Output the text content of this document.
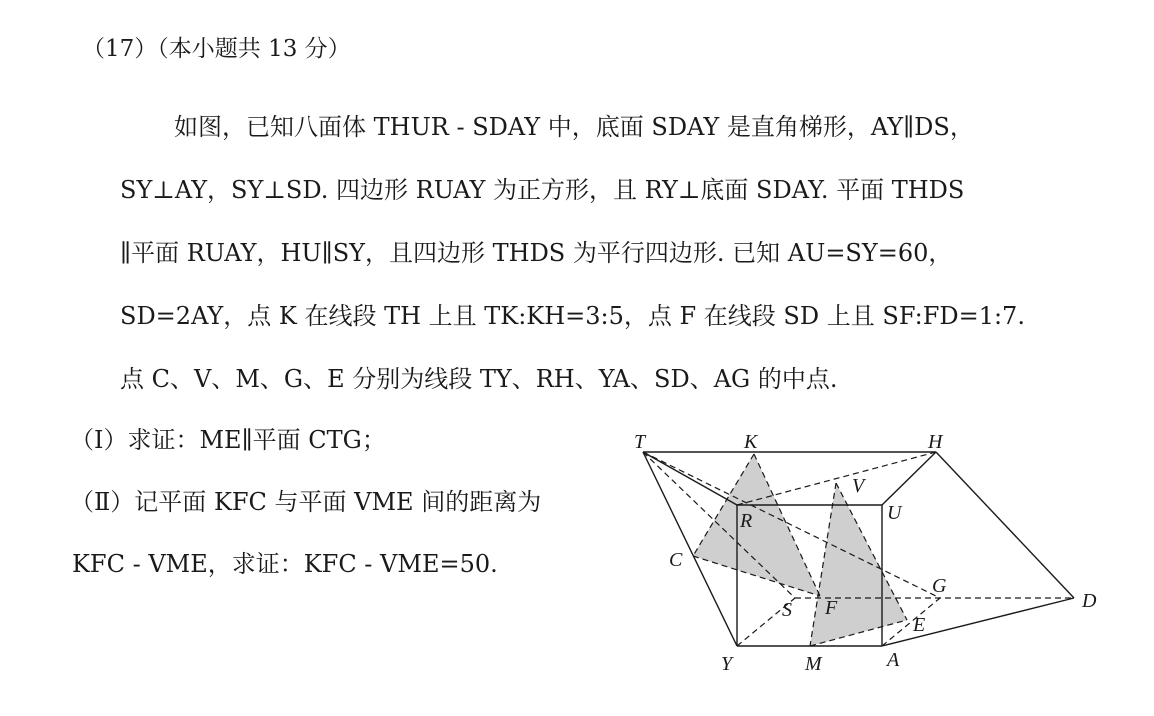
（17）（本小题共 13 分）
如图，已知八面体 THUR - SDAY 中，底面 SDAY 是直角梯形，AY∥DS，
SY⊥AY，SY⊥SD. 四边形 RUAY 为正方形，且 RY⊥底面 SDAY. 平面 THDS
∥平面 RUAY，HU∥SY，且四边形 THDS 为平行四边形. 已知 AU=SY=60，
SD=2AY，点 K 在线段 TH 上且 TK:KH=3:5，点 F 在线段 SD 上且 SF:FD=1:7.
点 C、V、M、G、E 分别为线段 TY、RH、YA、SD、AG 的中点.
（Ⅰ）求证：ME∥平面 CTG；
（Ⅱ）记平面 KFC 与平面 VME 间的距离为
KFC - VME，求证：KFC - VME=50.
T	K	H
V
R	U
C
G
S F	D
E
Y	M	A
